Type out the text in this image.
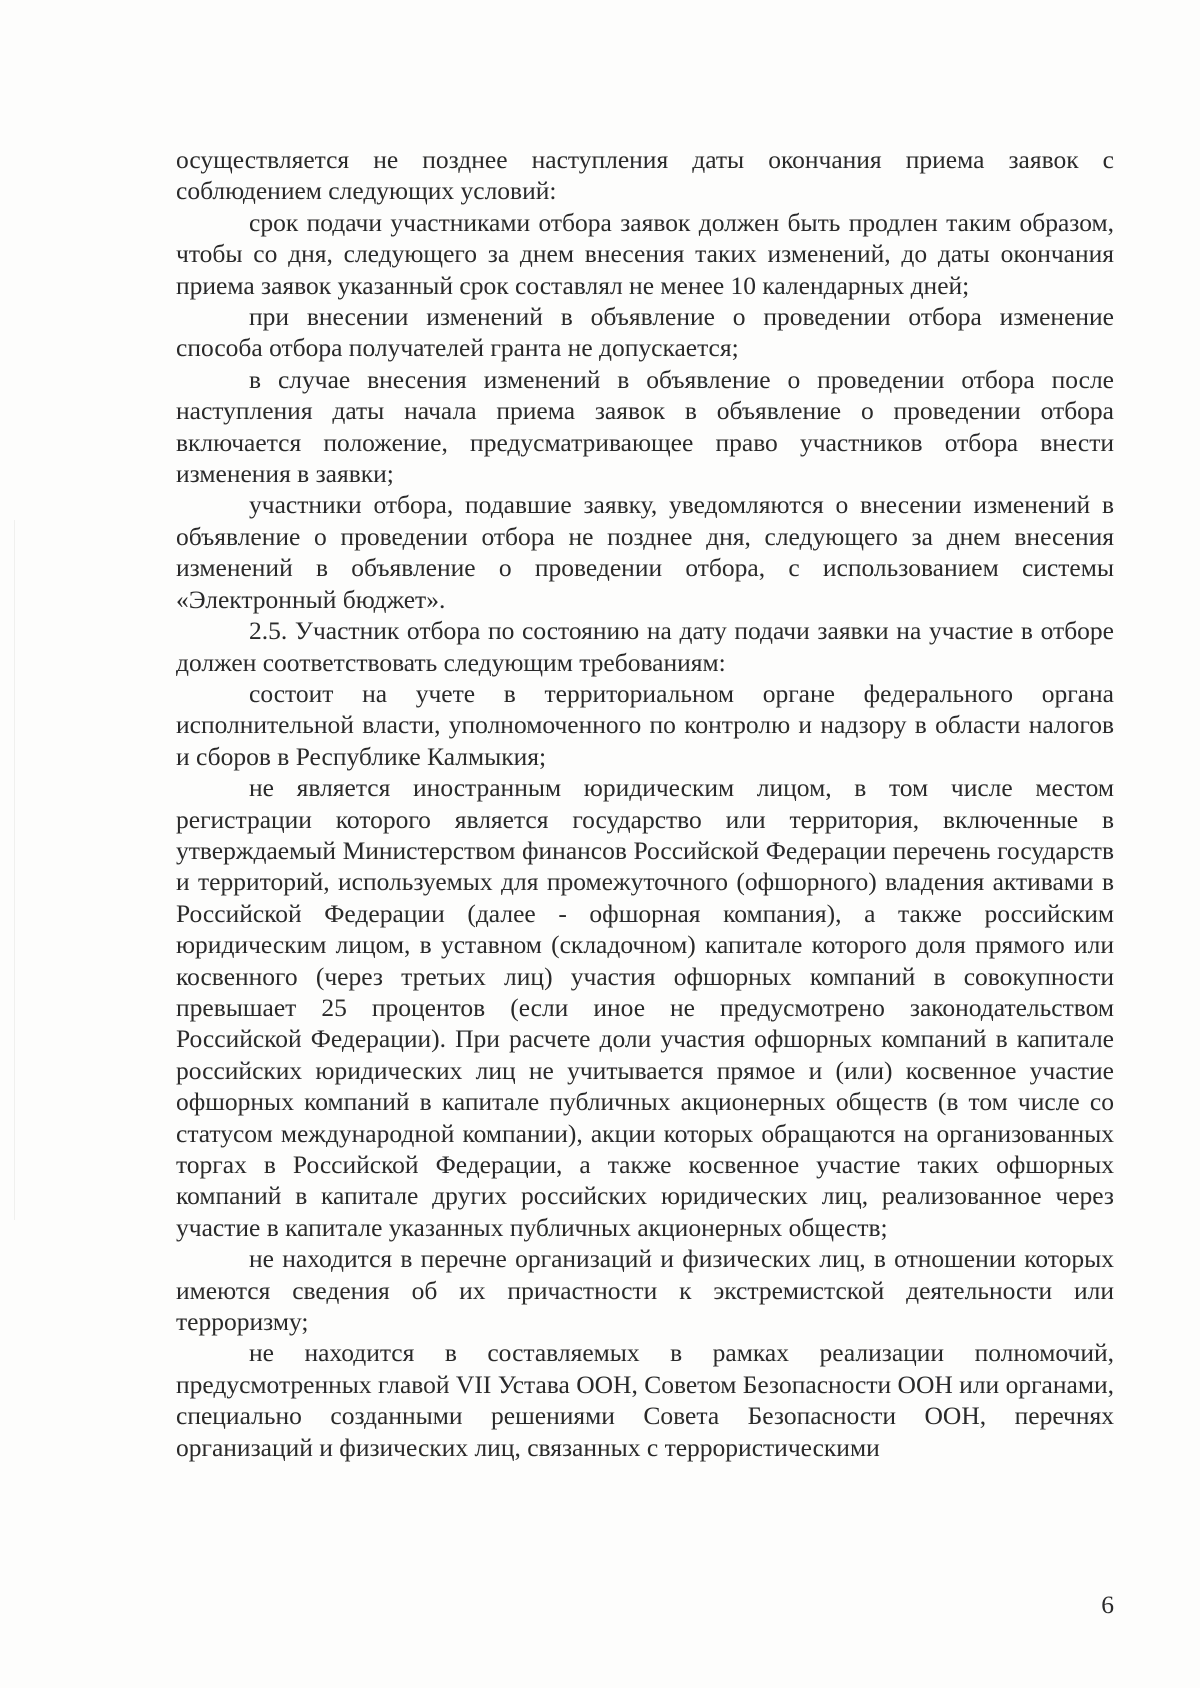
осуществляется не позднее наступления даты окончания приема заявок с соблюдением следующих условий:

срок подачи участниками отбора заявок должен быть продлен таким образом, чтобы со дня, следующего за днем внесения таких изменений, до даты окончания приема заявок указанный срок составлял не менее 10 календарных дней;

при внесении изменений в объявление о проведении отбора изменение способа отбора получателей гранта не допускается;

в случае внесения изменений в объявление о проведении отбора после наступления даты начала приема заявок в объявление о проведении отбора включается положение, предусматривающее право участников отбора внести изменения в заявки;

участники отбора, подавшие заявку, уведомляются о внесении изменений в объявление о проведении отбора не позднее дня, следующего за днем внесения изменений в объявление о проведении отбора, с использованием системы «Электронный бюджет».

2.5. Участник отбора по состоянию на дату подачи заявки на участие в отборе должен соответствовать следующим требованиям:

состоит на учете в территориальном органе федерального органа исполнительной власти, уполномоченного по контролю и надзору в области налогов и сборов в Республике Калмыкия;

не является иностранным юридическим лицом, в том числе местом регистрации которого является государство или территория, включенные в утверждаемый Министерством финансов Российской Федерации перечень государств и территорий, используемых для промежуточного (офшорного) владения активами в Российской Федерации (далее - офшорная компания), а также российским юридическим лицом, в уставном (складочном) капитале которого доля прямого или косвенного (через третьих лиц) участия офшорных компаний в совокупности превышает 25 процентов (если иное не предусмотрено законодательством Российской Федерации). При расчете доли участия офшорных компаний в капитале российских юридических лиц не учитывается прямое и (или) косвенное участие офшорных компаний в капитале публичных акционерных обществ (в том числе со статусом международной компании), акции которых обращаются на организованных торгах в Российской Федерации, а также косвенное участие таких офшорных компаний в капитале других российских юридических лиц, реализованное через участие в капитале указанных публичных акционерных обществ;

не находится в перечне организаций и физических лиц, в отношении которых имеются сведения об их причастности к экстремистской деятельности или терроризму;

не находится в составляемых в рамках реализации полномочий, предусмотренных главой VII Устава ООН, Советом Безопасности ООН или органами, специально созданными решениями Совета Безопасности ООН, перечнях организаций и физических лиц, связанных с террористическими

6
